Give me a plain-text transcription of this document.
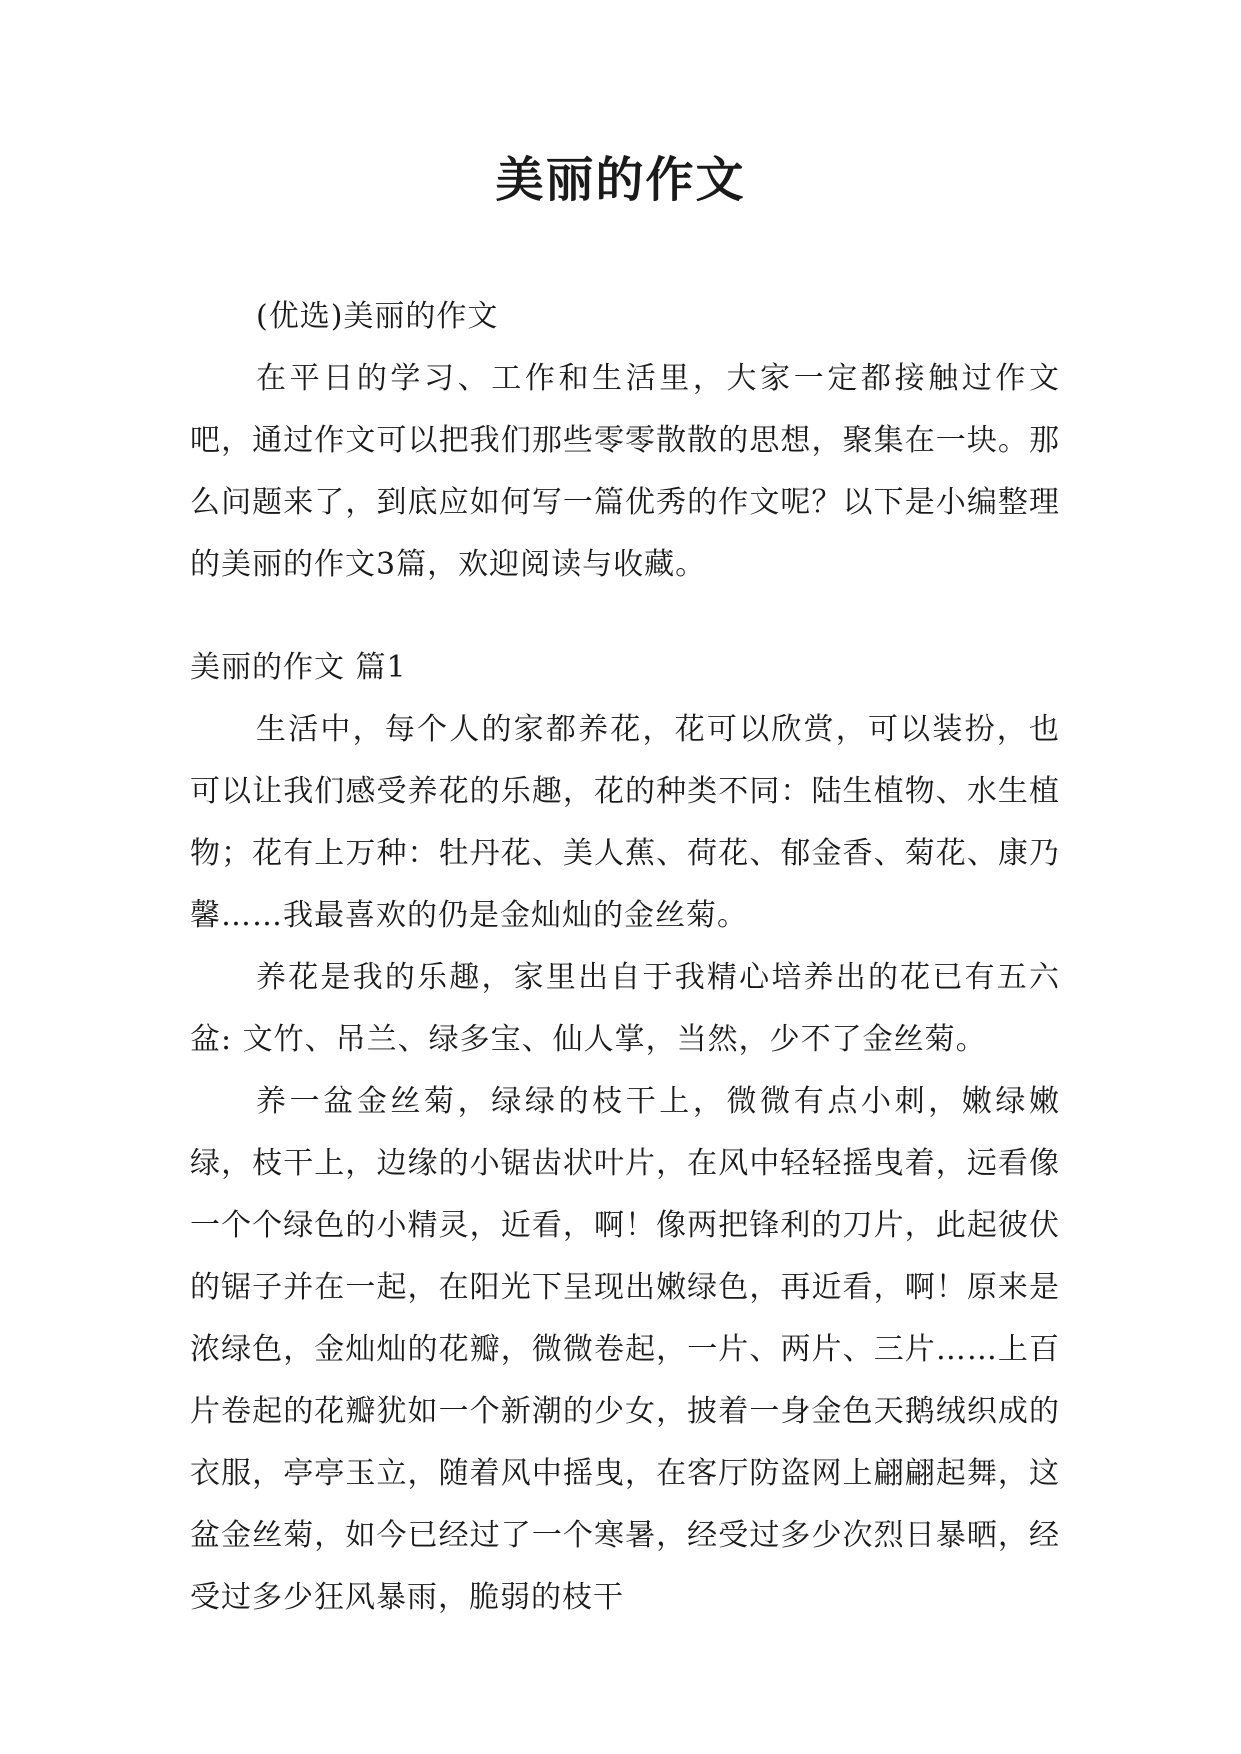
美丽的作文

(优选)美丽的作文

在平日的学习、工作和生活里，大家一定都接触过作文吧，通过作文可以把我们那些零零散散的思想，聚集在一块。那么问题来了，到底应如何写一篇优秀的作文呢？以下是小编整理的美丽的作文3篇，欢迎阅读与收藏。

美丽的作文 篇1

生活中，每个人的家都养花，花可以欣赏，可以装扮，也可以让我们感受养花的乐趣，花的种类不同：陆生植物、水生植物；花有上万种：牡丹花、美人蕉、荷花、郁金香、菊花、康乃馨……我最喜欢的仍是金灿灿的金丝菊。

养花是我的乐趣，家里出自于我精心培养出的花已有五六盆: 文竹、吊兰、绿多宝、仙人掌，当然，少不了金丝菊。

养一盆金丝菊，绿绿的枝干上，微微有点小刺，嫩绿嫩绿，枝干上，边缘的小锯齿状叶片，在风中轻轻摇曳着，远看像一个个绿色的小精灵，近看，啊！像两把锋利的刀片，此起彼伏的锯子并在一起，在阳光下呈现出嫩绿色，再近看，啊！原来是浓绿色，金灿灿的花瓣，微微卷起，一片、两片、三片……上百片卷起的花瓣犹如一个新潮的少女，披着一身金色天鹅绒织成的衣服，亭亭玉立，随着风中摇曳，在客厅防盗网上翩翩起舞，这盆金丝菊，如今已经过了一个寒暑，经受过多少次烈日暴晒，经受过多少狂风暴雨，脆弱的枝干
